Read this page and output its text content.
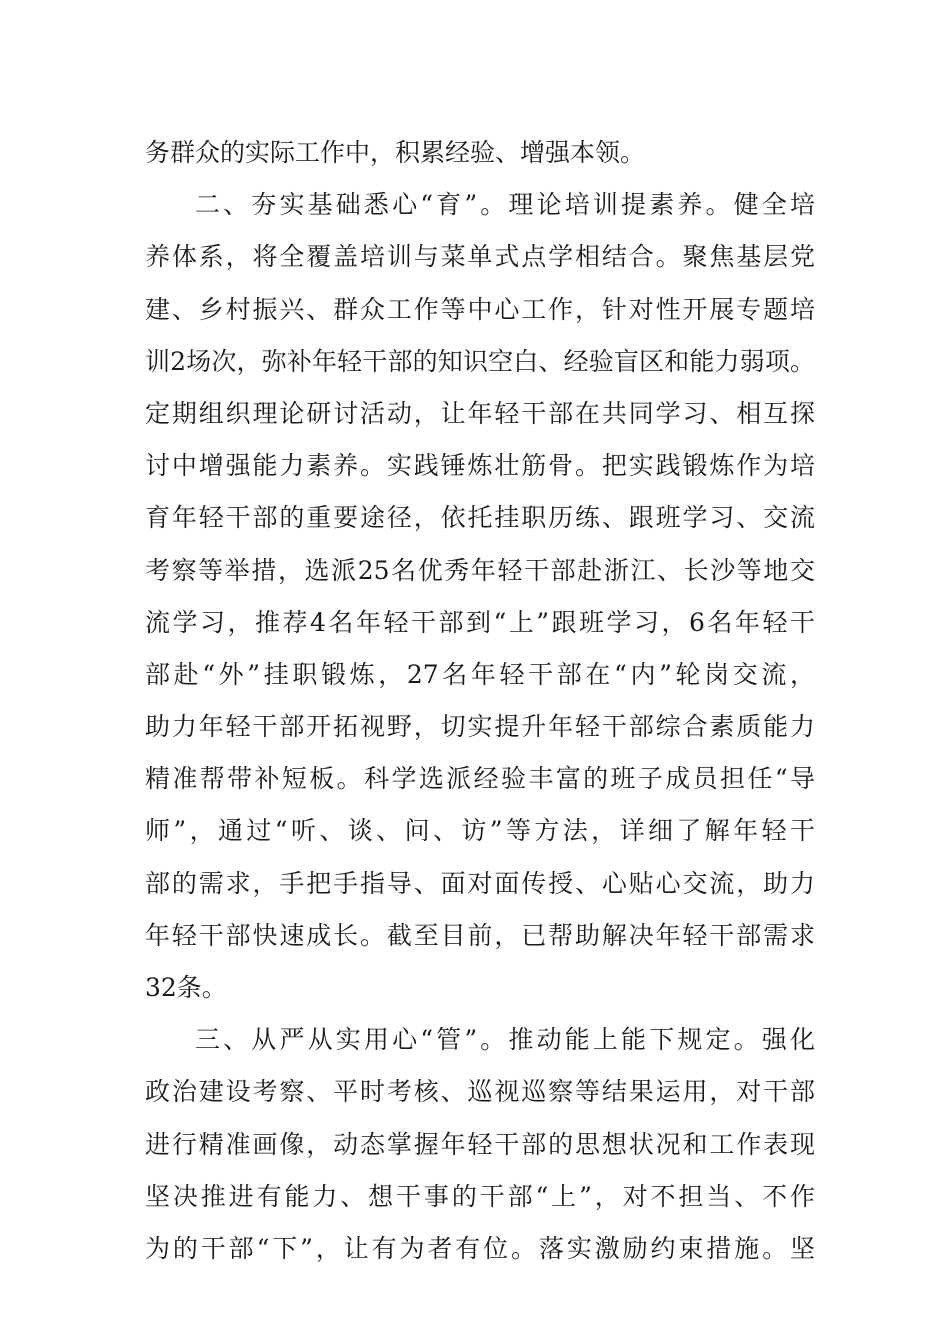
务群众的实际工作中，积累经验、增强本领。
二、夯实基础悉心“育”。理论培训提素养。健全培
养体系，将全覆盖培训与菜单式点学相结合。聚焦基层党
建、乡村振兴、群众工作等中心工作，针对性开展专题培
训2场次，弥补年轻干部的知识空白、经验盲区和能力弱项。
定期组织理论研讨活动，让年轻干部在共同学习、相互探
讨中增强能力素养。实践锤炼壮筋骨。把实践锻炼作为培
育年轻干部的重要途径，依托挂职历练、跟班学习、交流
考察等举措，选派25名优秀年轻干部赴浙江、长沙等地交
流学习，推荐4名年轻干部到“上”跟班学习，6名年轻干
部赴“外”挂职锻炼，27名年轻干部在“内”轮岗交流，
助力年轻干部开拓视野，切实提升年轻干部综合素质能力
精准帮带补短板。科学选派经验丰富的班子成员担任“导
师”，通过“听、谈、问、访”等方法，详细了解年轻干
部的需求，手把手指导、面对面传授、心贴心交流，助力
年轻干部快速成长。截至目前，已帮助解决年轻干部需求
32条。
三、从严从实用心“管”。推动能上能下规定。强化
政治建设考察、平时考核、巡视巡察等结果运用，对干部
进行精准画像，动态掌握年轻干部的思想状况和工作表现
坚决推进有能力、想干事的干部“上”，对不担当、不作
为的干部“下”，让有为者有位。落实激励约束措施。坚
